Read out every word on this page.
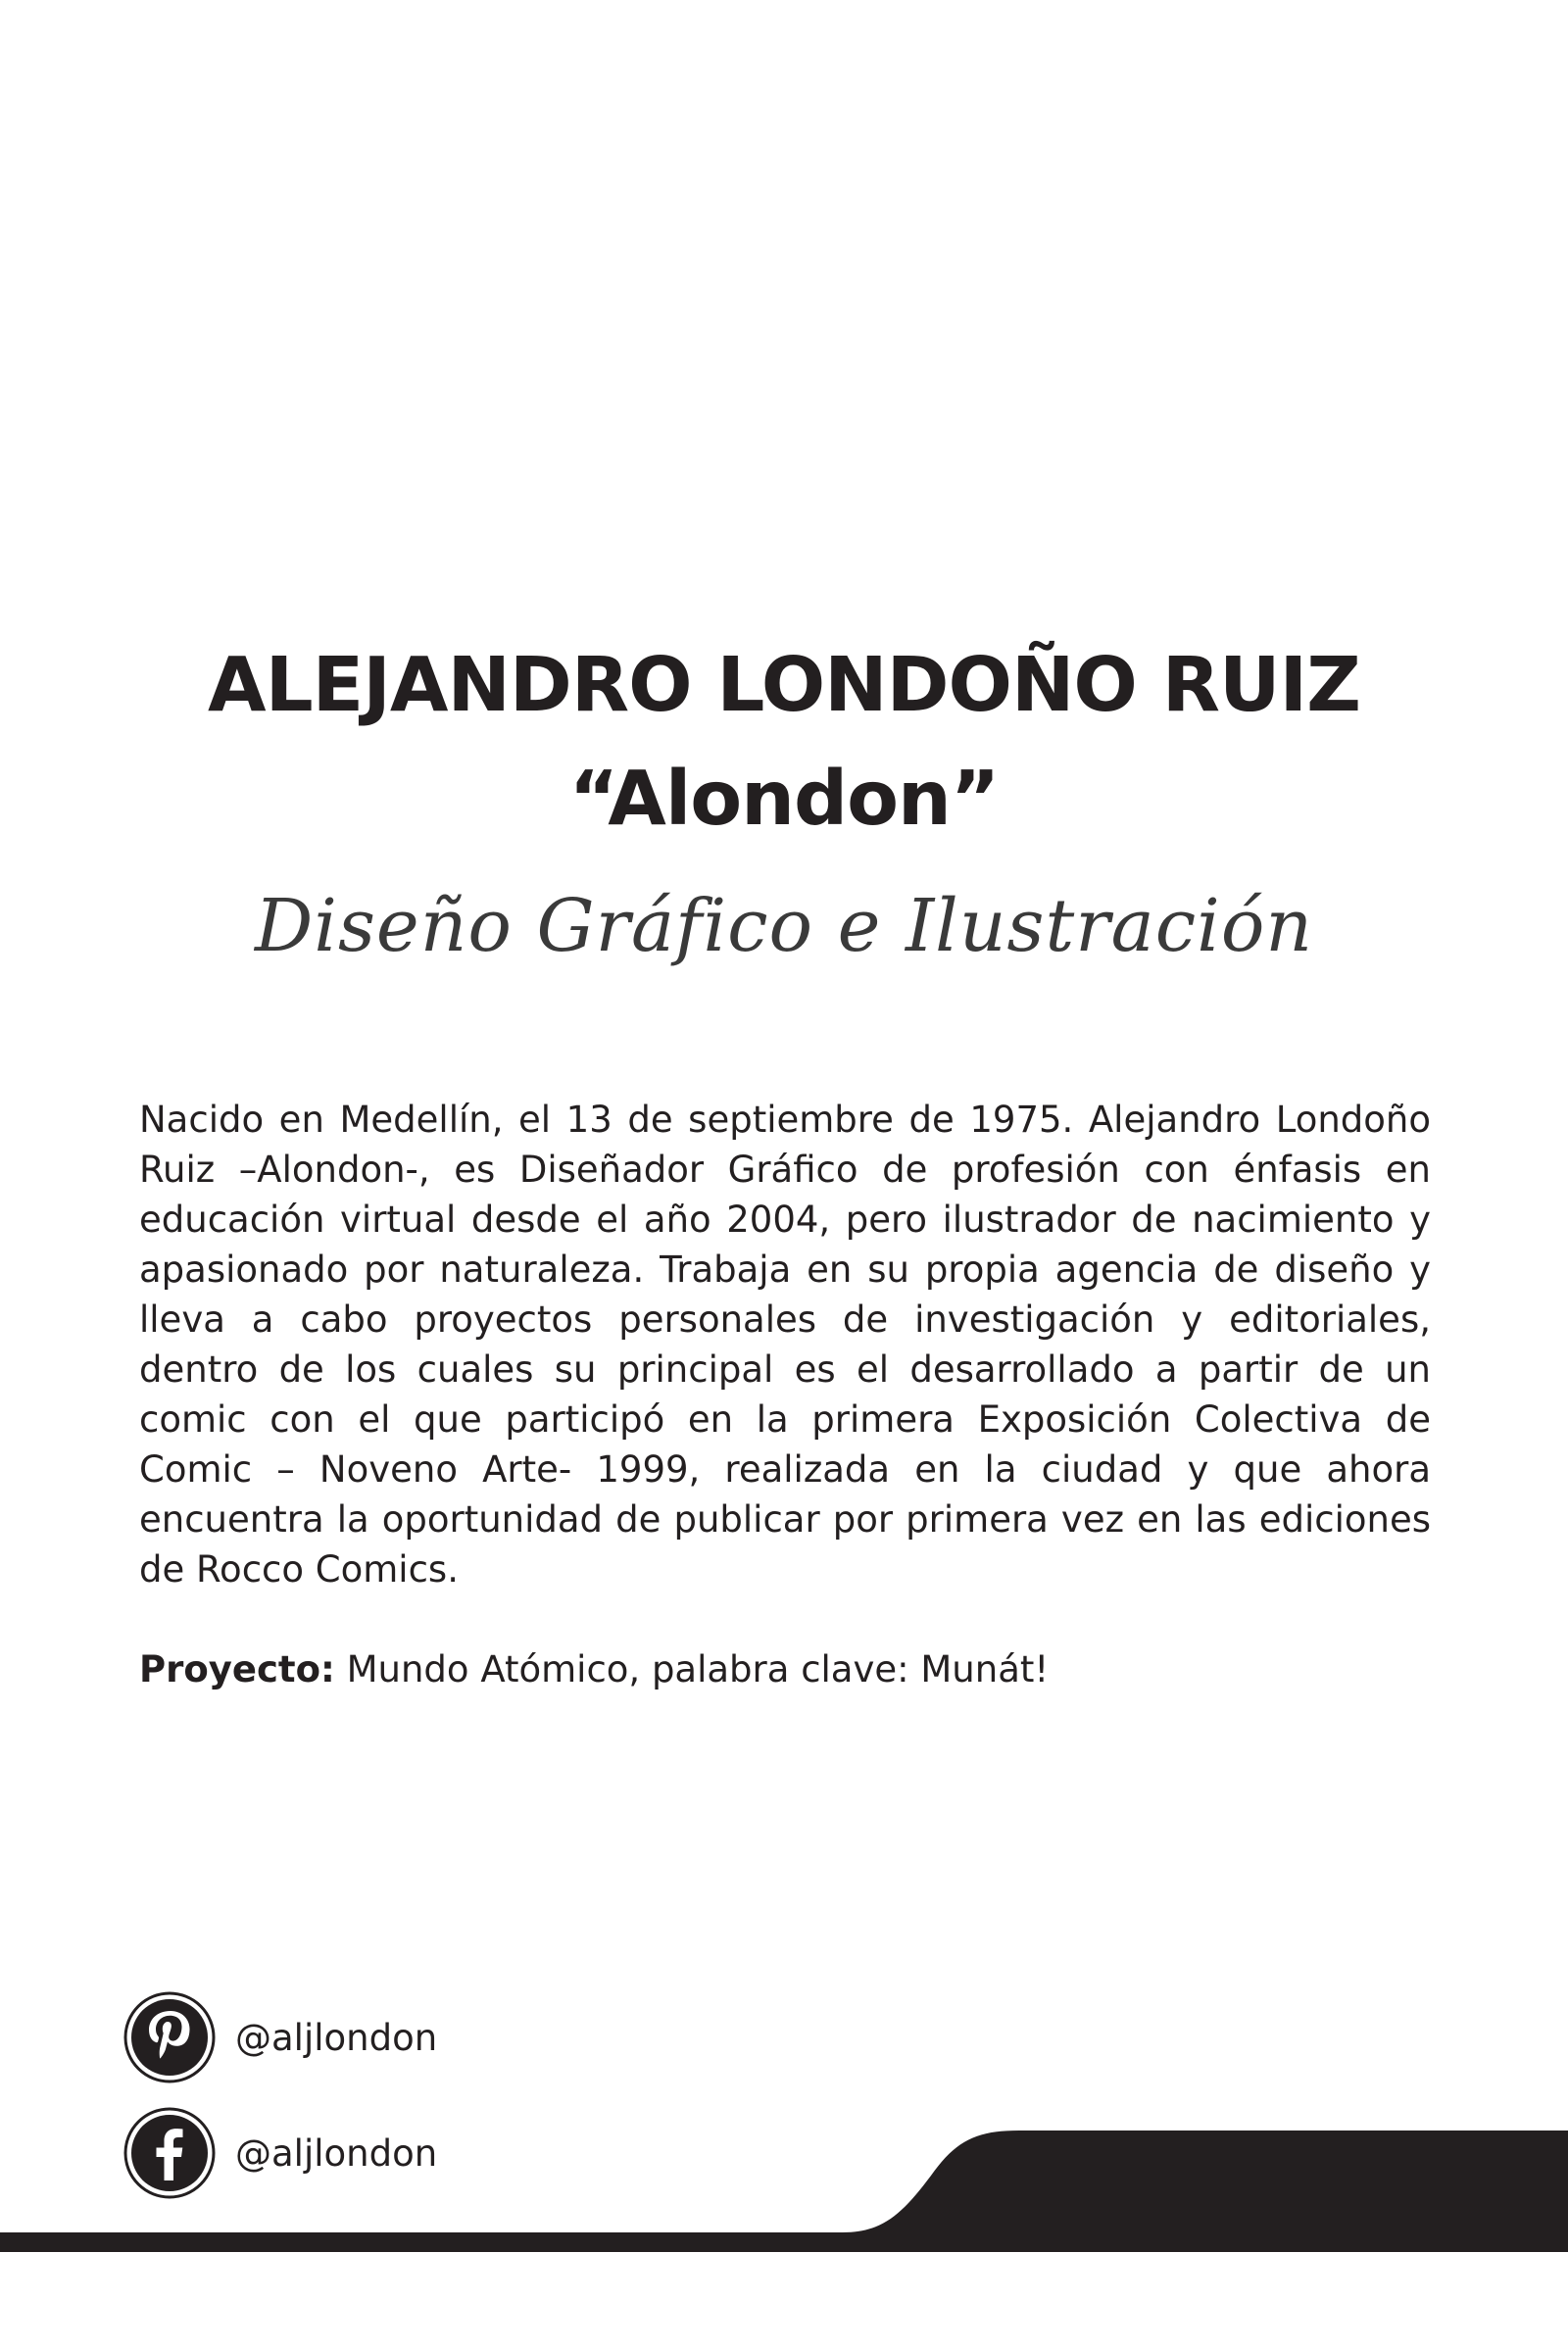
ALEJANDRO LONDOÑO RUIZ
“Alondon”
Diseño Gráfico e Ilustración

Nacido en Medellín, el 13 de septiembre de 1975. Alejandro Londoño Ruiz –Alondon-, es Diseñador Gráfico de profesión con énfasis en educación virtual desde el año 2004, pero ilustrador de nacimiento y apasionado por naturaleza. Trabaja en su propia agencia de diseño y lleva a cabo proyectos personales de investigación y editoriales, dentro de los cuales su principal es el desarrollado a partir de un comic con el que participó en la primera Exposición Colectiva de Comic – Noveno Arte- 1999, realizada en la ciudad y que ahora encuentra la oportunidad de publicar por primera vez en las ediciones de Rocco Comics.

Proyecto: Mundo Atómico, palabra clave: Munát!

@aljlondon
@aljlondon
